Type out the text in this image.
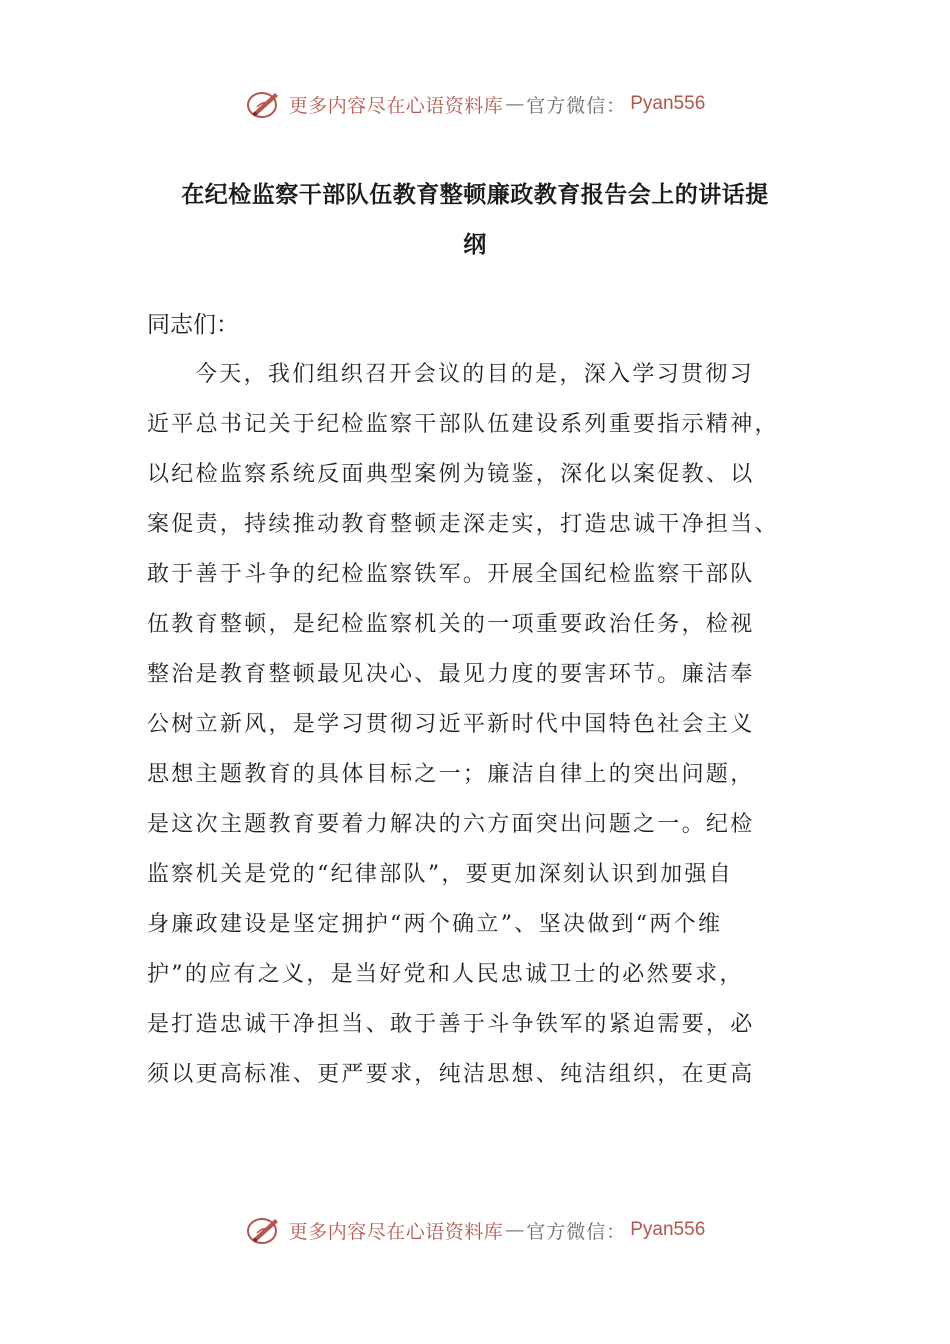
更多内容尽在心语资料库 — 官方微信： Pyan556
在纪检监察干部队伍教育整顿廉政教育报告会上的讲话提
纲
同志们：
今天，我们组织召开会议的目的是，深入学习贯彻习
近平总书记关于纪检监察干部队伍建设系列重要指示精神，
以纪检监察系统反面典型案例为镜鉴，深化以案促教、以
案促责，持续推动教育整顿走深走实，打造忠诚干净担当、
敢于善于斗争的纪检监察铁军。开展全国纪检监察干部队
伍教育整顿，是纪检监察机关的一项重要政治任务，检视
整治是教育整顿最见决心、最见力度的要害环节。廉洁奉
公树立新风，是学习贯彻习近平新时代中国特色社会主义
思想主题教育的具体目标之一；廉洁自律上的突出问题，
是这次主题教育要着力解决的六方面突出问题之一。纪检
监察机关是党的“纪律部队”，要更加深刻认识到加强自
身廉政建设是坚定拥护“两个确立”、坚决做到“两个维
护”的应有之义，是当好党和人民忠诚卫士的必然要求，
是打造忠诚干净担当、敢于善于斗争铁军的紧迫需要，必
须以更高标准、更严要求，纯洁思想、纯洁组织，在更高
更多内容尽在心语资料库 — 官方微信： Pyan556
